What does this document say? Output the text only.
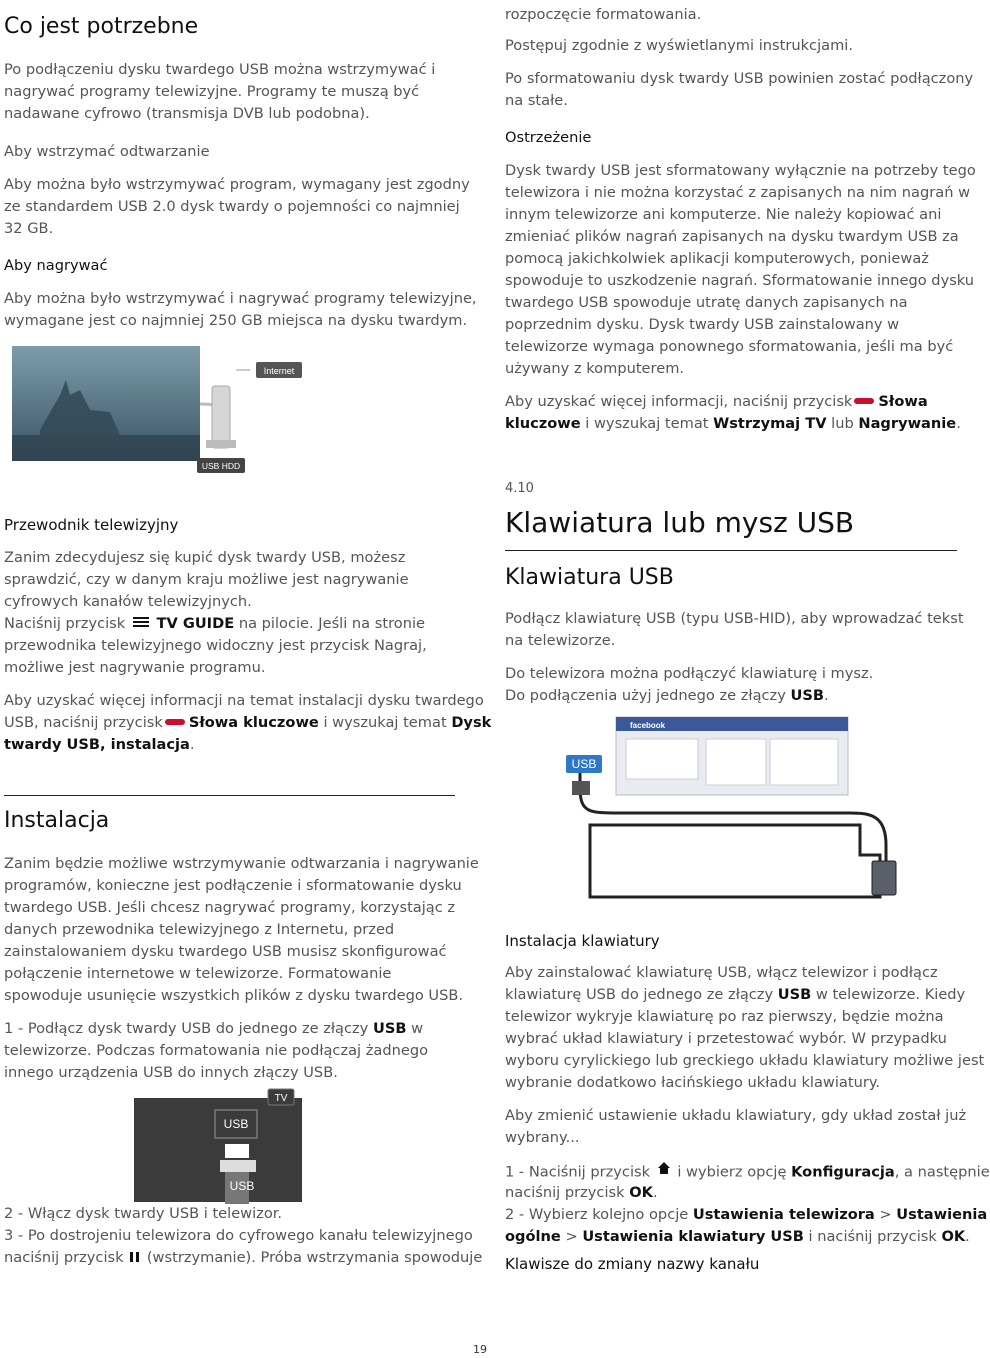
Co jest potrzebne
Po podłączeniu dysku twardego USB można wstrzymywać i
nagrywać programy telewizyjne. Programy te muszą być
nadawane cyfrowo (transmisja DVB lub podobna).
Aby wstrzymać odtwarzanie
Aby można było wstrzymywać program, wymagany jest zgodny
ze standardem USB 2.0 dysk twardy o pojemności co najmniej
32 GB.
Aby nagrywać
Aby można było wstrzymywać i nagrywać programy telewizyjne,
wymagane jest co najmniej 250 GB miejsca na dysku twardym.
Internet
USB HDD
Przewodnik telewizyjny
Zanim zdecydujesz się kupić dysk twardy USB, możesz
sprawdzić, czy w danym kraju możliwe jest nagrywanie
cyfrowych kanałów telewizyjnych.
Naciśnij przycisk TV GUIDE na pilocie. Jeśli na stronie
przewodnika telewizyjnego widoczny jest przycisk Nagraj,
możliwe jest nagrywanie programu.
Aby uzyskać więcej informacji na temat instalacji dysku twardego
USB, naciśnij przycisk Słowa kluczowe i wyszukaj temat Dysk
twardy USB, instalacja.
Instalacja
Zanim będzie możliwe wstrzymywanie odtwarzania i nagrywanie
programów, konieczne jest podłączenie i sformatowanie dysku
twardego USB. Jeśli chcesz nagrywać programy, korzystając z
danych przewodnika telewizyjnego z Internetu, przed
zainstalowaniem dysku twardego USB musisz skonfigurować
połączenie internetowe w telewizorze. Formatowanie
spowoduje usunięcie wszystkich plików z dysku twardego USB.
1 - Podłącz dysk twardy USB do jednego ze złączy USB w
telewizorze. Podczas formatowania nie podłączaj żadnego
innego urządzenia USB do innych złączy USB.
TV
USB
USB
2 - Włącz dysk twardy USB i telewizor.
3 - Po dostrojeniu telewizora do cyfrowego kanału telewizyjnego
naciśnij przycisk (wstrzymanie). Próba wstrzymania spowoduje
rozpoczęcie formatowania.
Postępuj zgodnie z wyświetlanymi instrukcjami.
Po sformatowaniu dysk twardy USB powinien zostać podłączony
na stałe.
Ostrzeżenie
Dysk twardy USB jest sformatowany wyłącznie na potrzeby tego
telewizora i nie można korzystać z zapisanych na nim nagrań w
innym telewizorze ani komputerze. Nie należy kopiować ani
zmieniać plików nagrań zapisanych na dysku twardym USB za
pomocą jakichkolwiek aplikacji komputerowych, ponieważ
spowoduje to uszkodzenie nagrań. Sformatowanie innego dysku
twardego USB spowoduje utratę danych zapisanych na
poprzednim dysku. Dysk twardy USB zainstalowany w
telewizorze wymaga ponownego sformatowania, jeśli ma być
używany z komputerem.
Aby uzyskać więcej informacji, naciśnij przycisk Słowa
kluczowe i wyszukaj temat Wstrzymaj TV lub Nagrywanie.
4.10
Klawiatura lub mysz USB
Klawiatura USB
Podłącz klawiaturę USB (typu USB-HID), aby wprowadzać tekst
na telewizorze.
Do telewizora można podłączyć klawiaturę i mysz.
Do podłączenia użyj jednego ze złączy USB.
facebook
USB
Instalacja klawiatury
Aby zainstalować klawiaturę USB, włącz telewizor i podłącz
klawiaturę USB do jednego ze złączy USB w telewizorze. Kiedy
telewizor wykryje klawiaturę po raz pierwszy, będzie można
wybrać układ klawiatury i przetestować wybór. W przypadku
wyboru cyrylickiego lub greckiego układu klawiatury możliwe jest
wybranie dodatkowo łacińskiego układu klawiatury.
Aby zmienić ustawienie układu klawiatury, gdy układ został już
wybrany...
1 - Naciśnij przycisk i wybierz opcję Konfiguracja, a następnie
naciśnij przycisk OK.
2 - Wybierz kolejno opcje Ustawienia telewizora > Ustawienia
ogólne > Ustawienia klawiatury USB i naciśnij przycisk OK.
Klawisze do zmiany nazwy kanału
19
